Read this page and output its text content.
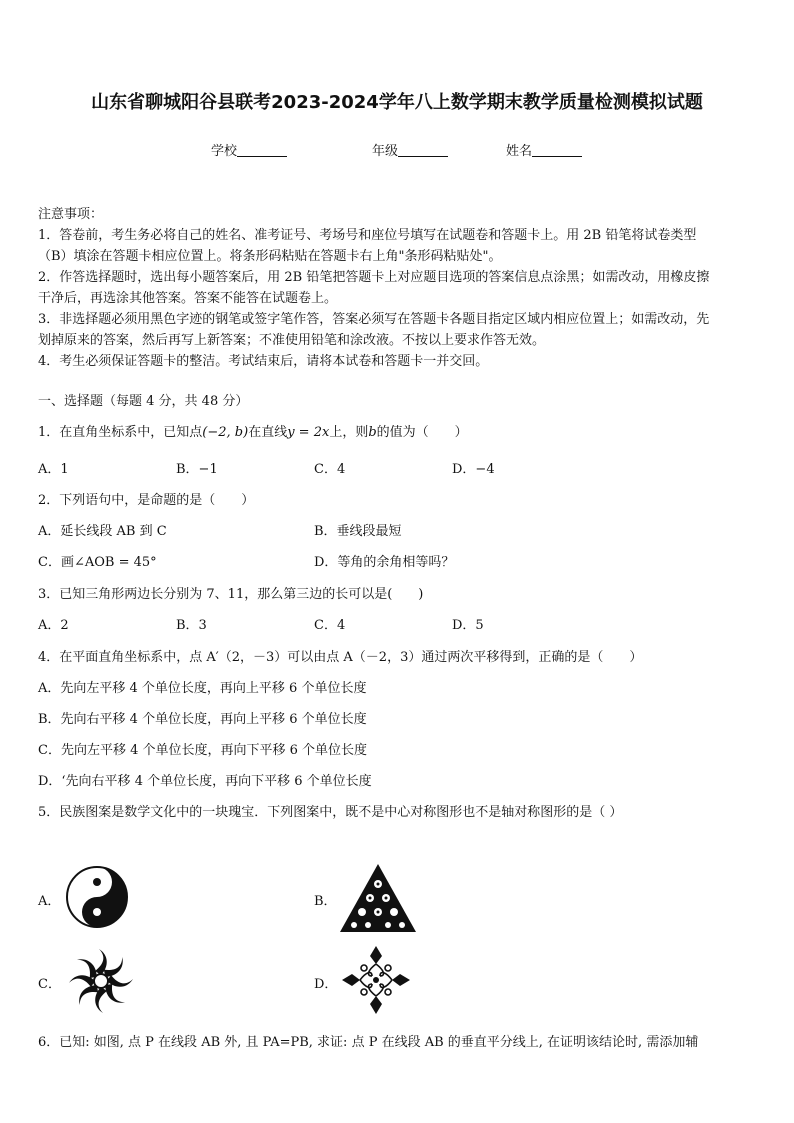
山东省聊城阳谷县联考2023-2024学年八上数学期末教学质量检测模拟试题
学校	年级	姓名
注意事项：
1．答卷前，考生务必将自己的姓名、准考证号、考场号和座位号填写在试题卷和答题卡上。用 2B 铅笔将试卷类型
（B）填涂在答题卡相应位置上。将条形码粘贴在答题卡右上角"条形码粘贴处"。
2．作答选择题时，选出每小题答案后，用 2B 铅笔把答题卡上对应题目选项的答案信息点涂黑；如需改动，用橡皮擦
干净后，再选涂其他答案。答案不能答在试题卷上。
3．非选择题必须用黑色字迹的钢笔或签字笔作答，答案必须写在答题卡各题目指定区域内相应位置上；如需改动，先
划掉原来的答案，然后再写上新答案；不准使用铅笔和涂改液。不按以上要求作答无效。
4．考生必须保证答题卡的整洁。考试结束后，请将本试卷和答题卡一并交回。
一、选择题（每题 4 分，共 48 分）
1．在直角坐标系中，已知点(−2, b)在直线y = 2x上，则b的值为（　　）
A．1	B．−1	C．4	D．−4
2．下列语句中，是命题的是（　　）
A．延长线段 AB 到 C	B．垂线段最短
C．画∠AOB = 45°	D．等角的余角相等吗？
3．已知三角形两边长分别为 7、11，那么第三边的长可以是(　　)
A．2	B．3	C．4	D．5
4．在平面直角坐标系中，点 A′（2，－3）可以由点 A（－2，3）通过两次平移得到，正确的是（　　）
A．先向左平移 4 个单位长度，再向上平移 6 个单位长度
B．先向右平移 4 个单位长度，再向上平移 6 个单位长度
C．先向左平移 4 个单位长度，再向下平移 6 个单位长度
D．‘先向右平移 4 个单位长度，再向下平移 6 个单位长度
5．民族图案是数学文化中的一块瑰宝．下列图案中，既不是中心对称图形也不是轴对称图形的是（ ）
A．	B．
C．	D．
6．已知: 如图, 点 P 在线段 AB 外, 且 PA=PB, 求证: 点 P 在线段 AB 的垂直平分线上, 在证明该结论时, 需添加辅
